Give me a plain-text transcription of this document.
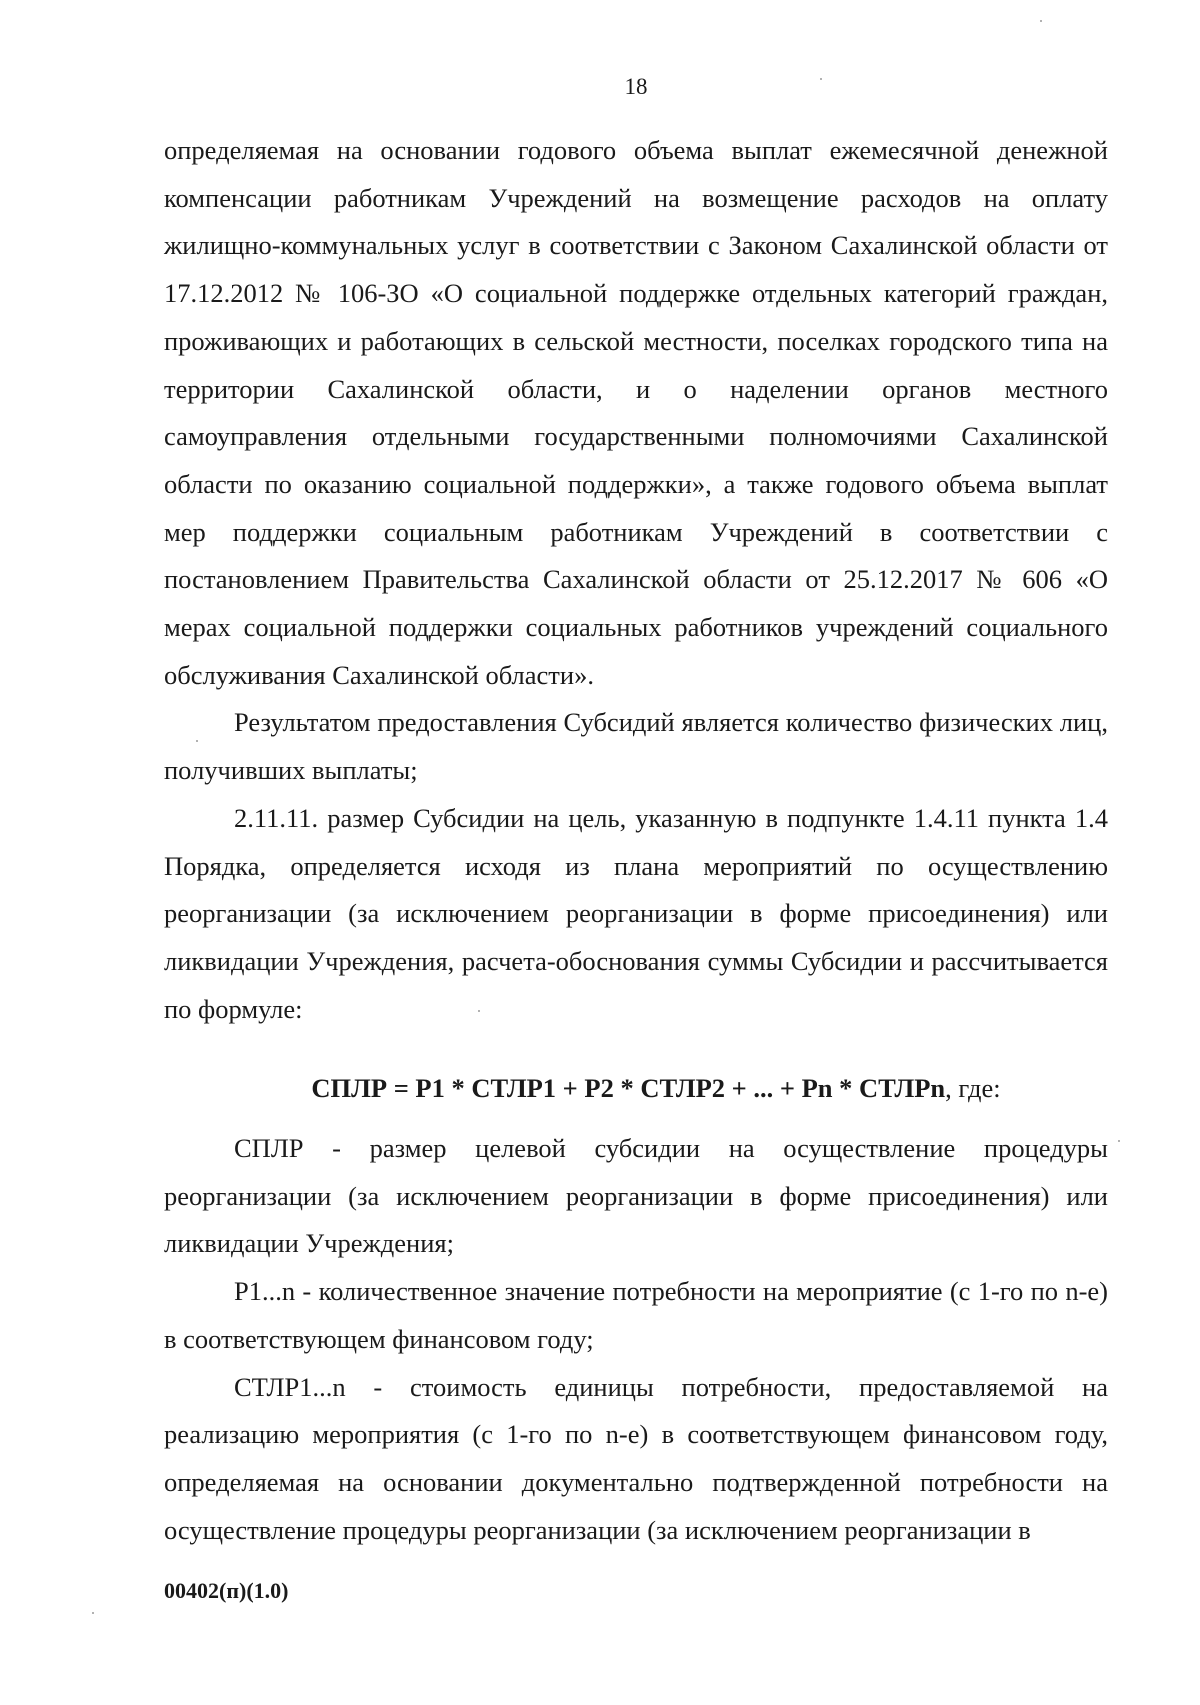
18

определяемая на основании годового объема выплат ежемесячной денежной компенсации работникам Учреждений на возмещение расходов на оплату жилищно-коммунальных услуг в соответствии с Законом Сахалинской области от 17.12.2012 № 106-ЗО «О социальной поддержке отдельных категорий граждан, проживающих и работающих в сельской местности, поселках городского типа на территории Сахалинской области, и о наделении органов местного самоуправления отдельными государственными полномочиями Сахалинской области по оказанию социальной поддержки», а также годового объема выплат мер поддержки социальным работникам Учреждений в соответствии с постановлением Правительства Сахалинской области от 25.12.2017 № 606 «О мерах социальной поддержки социальных работников учреждений социального обслуживания Сахалинской области».

Результатом предоставления Субсидий является количество физических лиц, получивших выплаты;

2.11.11. размер Субсидии на цель, указанную в подпункте 1.4.11 пункта 1.4 Порядка, определяется исходя из плана мероприятий по осуществлению реорганизации (за исключением реорганизации в форме присоединения) или ликвидации Учреждения, расчета-обоснования суммы Субсидии и рассчитывается по формуле:

СПЛР = Р1 * СТЛР1 + Р2 * СТЛР2 + ... + Рn * СТЛРn, где:

СПЛР - размер целевой субсидии на осуществление процедуры реорганизации (за исключением реорганизации в форме присоединения) или ликвидации Учреждения;

Р1...n - количественное значение потребности на мероприятие (с 1-го по n-е) в соответствующем финансовом году;

СТЛР1...n - стоимость единицы потребности, предоставляемой на реализацию мероприятия (с 1-го по n-е) в соответствующем финансовом году, определяемая на основании документально подтвержденной потребности на осуществление процедуры реорганизации (за исключением реорганизации в

00402(п)(1.0)
